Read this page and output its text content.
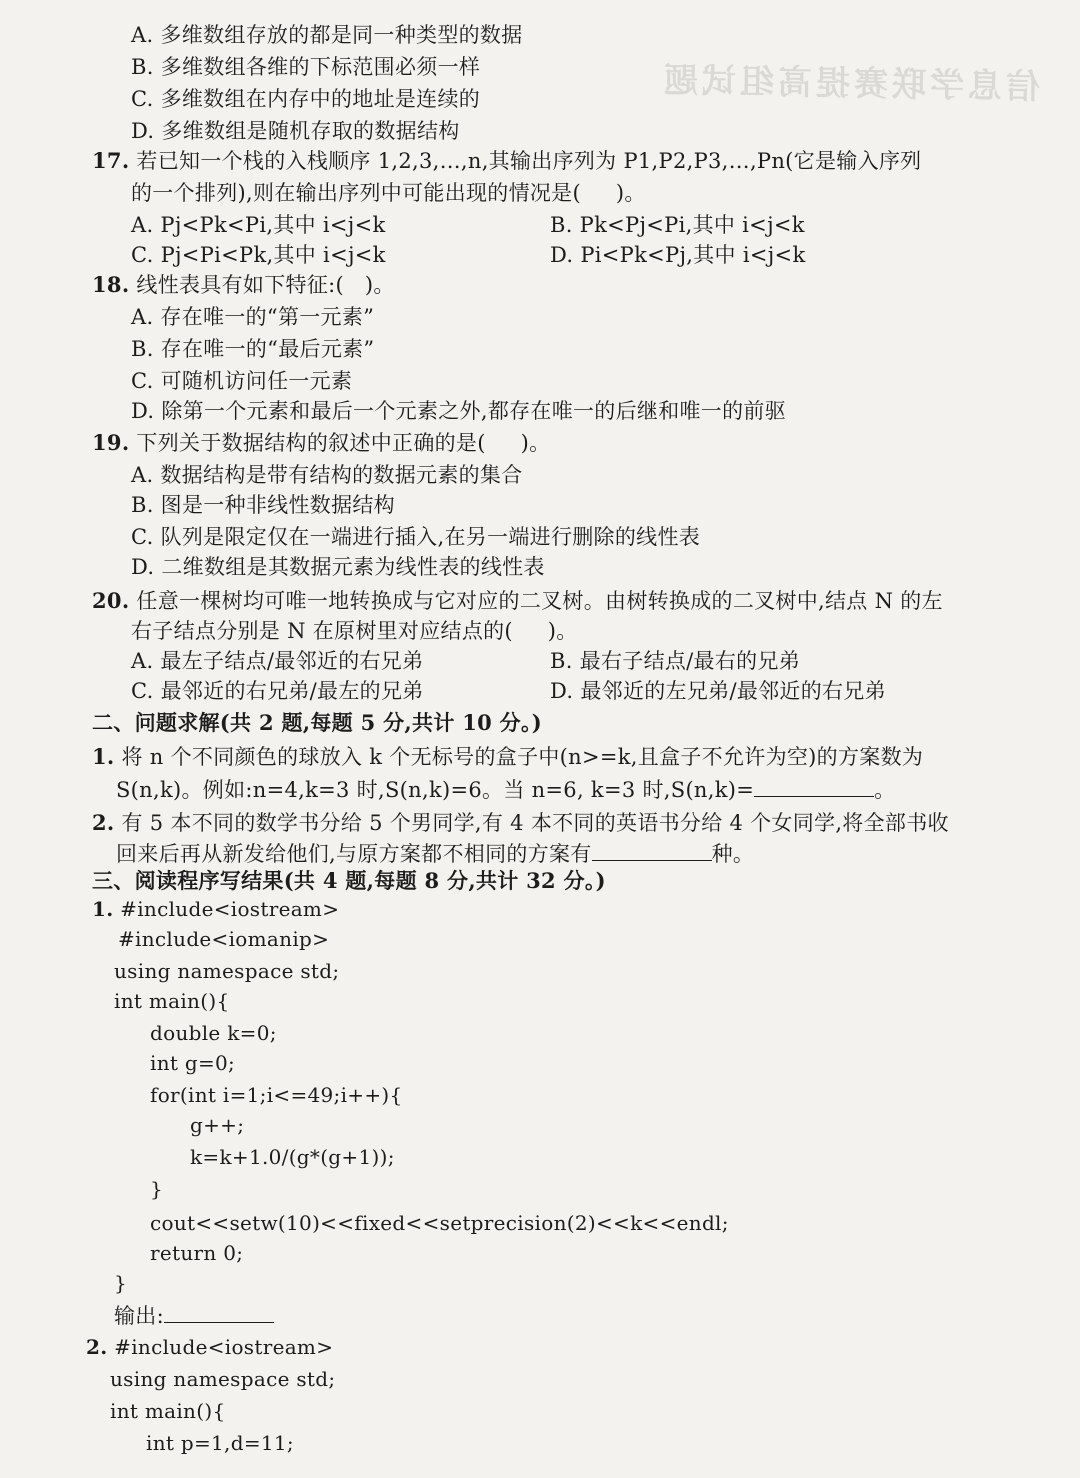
信息学联赛提高组试题
A. 多维数组存放的都是同一种类型的数据
B. 多维数组各维的下标范围必须一样
C. 多维数组在内存中的地址是连续的
D. 多维数组是随机存取的数据结构
17. 若已知一个栈的入栈顺序 1,2,3,…,n,其输出序列为 P1,P2,P3,…,Pn(它是输入序列
的一个排列),则在输出序列中可能出现的情况是(     )。
A. Pj<Pk<Pi,其中 i<j<k	B. Pk<Pj<Pi,其中 i<j<k
C. Pj<Pi<Pk,其中 i<j<k	D. Pi<Pk<Pj,其中 i<j<k
18. 线性表具有如下特征:(   )。
A. 存在唯一的“第一元素”
B. 存在唯一的“最后元素”
C. 可随机访问任一元素
D. 除第一个元素和最后一个元素之外,都存在唯一的后继和唯一的前驱
19. 下列关于数据结构的叙述中正确的是(     )。
A. 数据结构是带有结构的数据元素的集合
B. 图是一种非线性数据结构
C. 队列是限定仅在一端进行插入,在另一端进行删除的线性表
D. 二维数组是其数据元素为线性表的线性表
20. 任意一棵树均可唯一地转换成与它对应的二叉树。由树转换成的二叉树中,结点 N 的左
右子结点分别是 N 在原树里对应结点的(     )。
A. 最左子结点/最邻近的右兄弟	B. 最右子结点/最右的兄弟
C. 最邻近的右兄弟/最左的兄弟	D. 最邻近的左兄弟/最邻近的右兄弟
二、问题求解(共 2 题,每题 5 分,共计 10 分。)
1. 将 n 个不同颜色的球放入 k 个无标号的盒子中(n>=k,且盒子不允许为空)的方案数为
S(n,k)。例如:n=4,k=3 时,S(n,k)=6。当 n=6, k=3 时,S(n,k)=	。
2. 有 5 本不同的数学书分给 5 个男同学,有 4 本不同的英语书分给 4 个女同学,将全部书收
回来后再从新发给他们,与原方案都不相同的方案有	种。
三、阅读程序写结果(共 4 题,每题 8 分,共计 32 分。)
1. #include<iostream>
#include<iomanip>
using namespace std;
int main(){
double k=0;
int g=0;
for(int i=1;i<=49;i++){
g++;
k=k+1.0/(g*(g+1));
}
cout<<setw(10)<<fixed<<setprecision(2)<<k<<endl;
return 0;
}
输出:
2. #include<iostream>
using namespace std;
int main(){
int p=1,d=11;
